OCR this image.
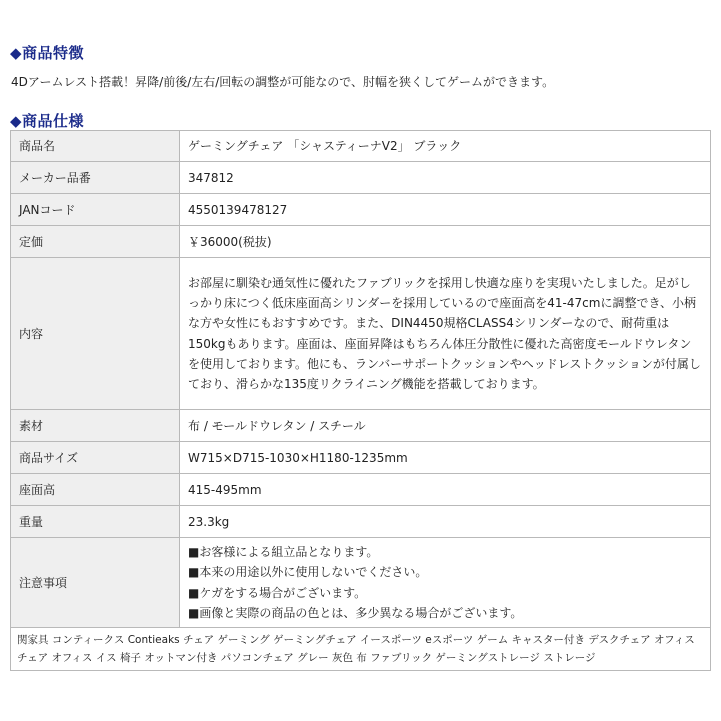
◆商品特徴
4Dアームレスト搭載！昇降/前後/左右/回転の調整が可能なので、肘幅を狭くしてゲームができます。
◆商品仕様
商品名	ゲーミングチェア 「シャスティーナV2」 ブラック
メーカー品番	347812
JANコード	4550139478127
定価	￥36000(税抜)
内容	お部屋に馴染む通気性に優れたファブリックを採用し快適な座りを実現いたしました。足がしっかり床につく低床座面高シリンダーを採用しているので座面高を41-47cmに調整でき、小柄な方や女性にもおすすめです。また、DIN4450規格CLASS4シリンダーなので、耐荷重は150kgもあります。座面は、座面昇降はもちろん体圧分散性に優れた高密度モールドウレタンを使用しております。他にも、ランバーサポートクッションやヘッドレストクッションが付属しており、滑らかな135度リクライニング機能を搭載しております。
素材	布 / モールドウレタン / スチール
商品サイズ	W715×D715-1030×H1180-1235mm
座面高	415-495mm
重量	23.3kg
注意事項	■お客様による組立品となります。
■本来の用途以外に使用しないでください。
■ケガをする場合がございます。
■画像と実際の商品の色とは、多少異なる場合がございます。

関家具 コンティークス Contieaks チェア ゲーミング ゲーミングチェア イースポーツ eスポーツ ゲーム キャスター付き デスクチェア オフィスチェア オフィス イス 椅子 オットマン付き パソコンチェア グレー 灰色 布 ファブリック ゲーミングストレージ ストレージ	
